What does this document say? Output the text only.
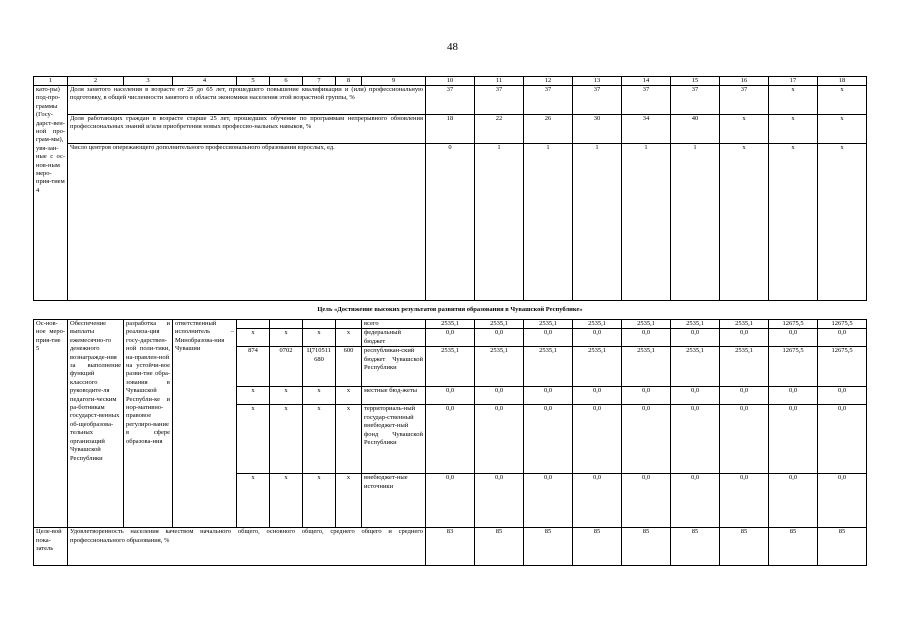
48
1	2	3	4	5	6	7	8	9	10	11	12	13	14	15	16	17	18
като-ры) под-про-граммы (Госу-дарст-вен-ной про-грам-мы), увя-зан-ные с ос-нов-ным меро-прия-тием 4	Доля занятого населения в возрасте от 25 до 65 лет, прошедшего повышение квалификации и (или) профессиональную подготовку, в общей численности занятого в области экономики населения этой возрастной группы, %								37	37	37	37	37	37	37	x	x
	Доля работающих граждан в возрасте старше 25 лет, прошедших обучение по программам непрерывного обновления профессиональных знаний и/или приобретения новых профессио-нальных навыков, %								18	22	26	30	34	40	x	x	x
	Число центров опережающего дополнительного профессионального образования взрослых, ед.								0	1	1	1	1	1	x	x	x
Цель «Достижение высоких результатов развития образования в Чувашской Республике»																	
Ос-нов-ное меро-прия-тие 5	Обеспечение выплаты ежемесячно-го денежного вознагражде-ния за выполнение функций классного руководите-ля педагоги-ческим ра-ботникам государст-венных об-щеобразова-тельных организаций Чувашской Республики	разработка и реализа-ция госу-дарствен-ной поли-тики, на-правлен-ной на устойчи-вое разви-тие обра-зования в Чувашской Республи-ке и нор-мативно-правовое регулиро-вание в сфере образова-ния	ответственный исполнитель – Минобразова-ния Чувашии					всего	2535,1	2535,1	2535,1	2535,1	2535,1	2535,1	2535,1	12675,5	12675,5
				x	x	x	x	федеральный бюджет	0,0	0,0	0,0	0,0	0,0	0,0	0,0	0,0	0,0
				874	0702	Ц710511 680	600	республикан-ский бюджет Чувашской Республики	2535,1	2535,1	2535,1	2535,1	2535,1	2535,1	2535,1	12675,5	12675,5
				x	x	x	x	местные бюд-жеты	0,0	0,0	0,0	0,0	0,0	0,0	0,0	0,0	0,0
				x	x	x	x	территориаль-ный государ-ственный внебюджет-ный фонд Чувашской Республики	0,0	0,0	0,0	0,0	0,0	0,0	0,0	0,0	0,0
				x	x	x	x	внебюджет-ные источники	0,0	0,0	0,0	0,0	0,0	0,0	0,0	0,0	0,0
Целе-вой пока-затель	Удовлетворенность населения качеством начального общего, основного общего, среднего общего и среднего профессионального образования, %								83	85	85	85	85	85	85	85	85
